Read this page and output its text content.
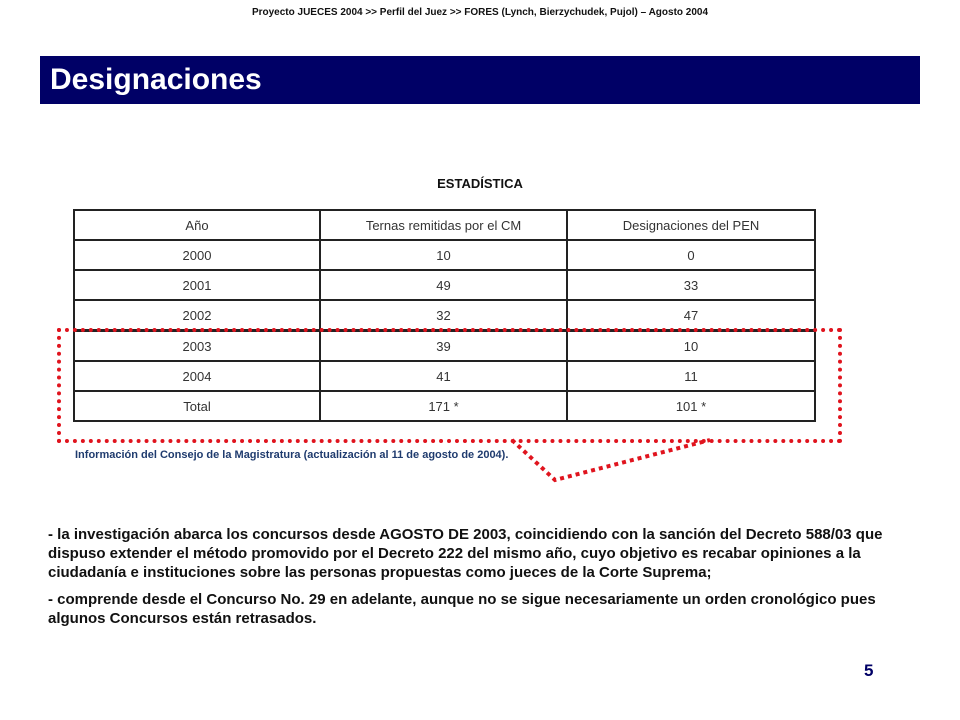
Proyecto JUECES 2004 >> Perfil del Juez >> FORES (Lynch, Bierzychudek, Pujol) – Agosto 2004
Designaciones
ESTADÍSTICA
Año	Ternas remitidas por el CM	Designaciones del PEN
2000	10	0
2001	49	33
2002	32	47
2003	39	10
2004	41	11
Total	171 *	101 *
Información del Consejo de la Magistratura (actualización al 11 de agosto de 2004).

- la investigación abarca los concursos desde AGOSTO DE 2003, coincidiendo con la sanción del Decreto 588/03 que dispuso extender el método promovido por el Decreto 222 del mismo año, cuyo objetivo es recabar opiniones a la ciudadanía e instituciones sobre las personas propuestas como jueces de la Corte Suprema;

- comprende desde el Concurso No. 29 en adelante, aunque no se sigue necesariamente un orden cronológico pues algunos Concursos están retrasados.

5
